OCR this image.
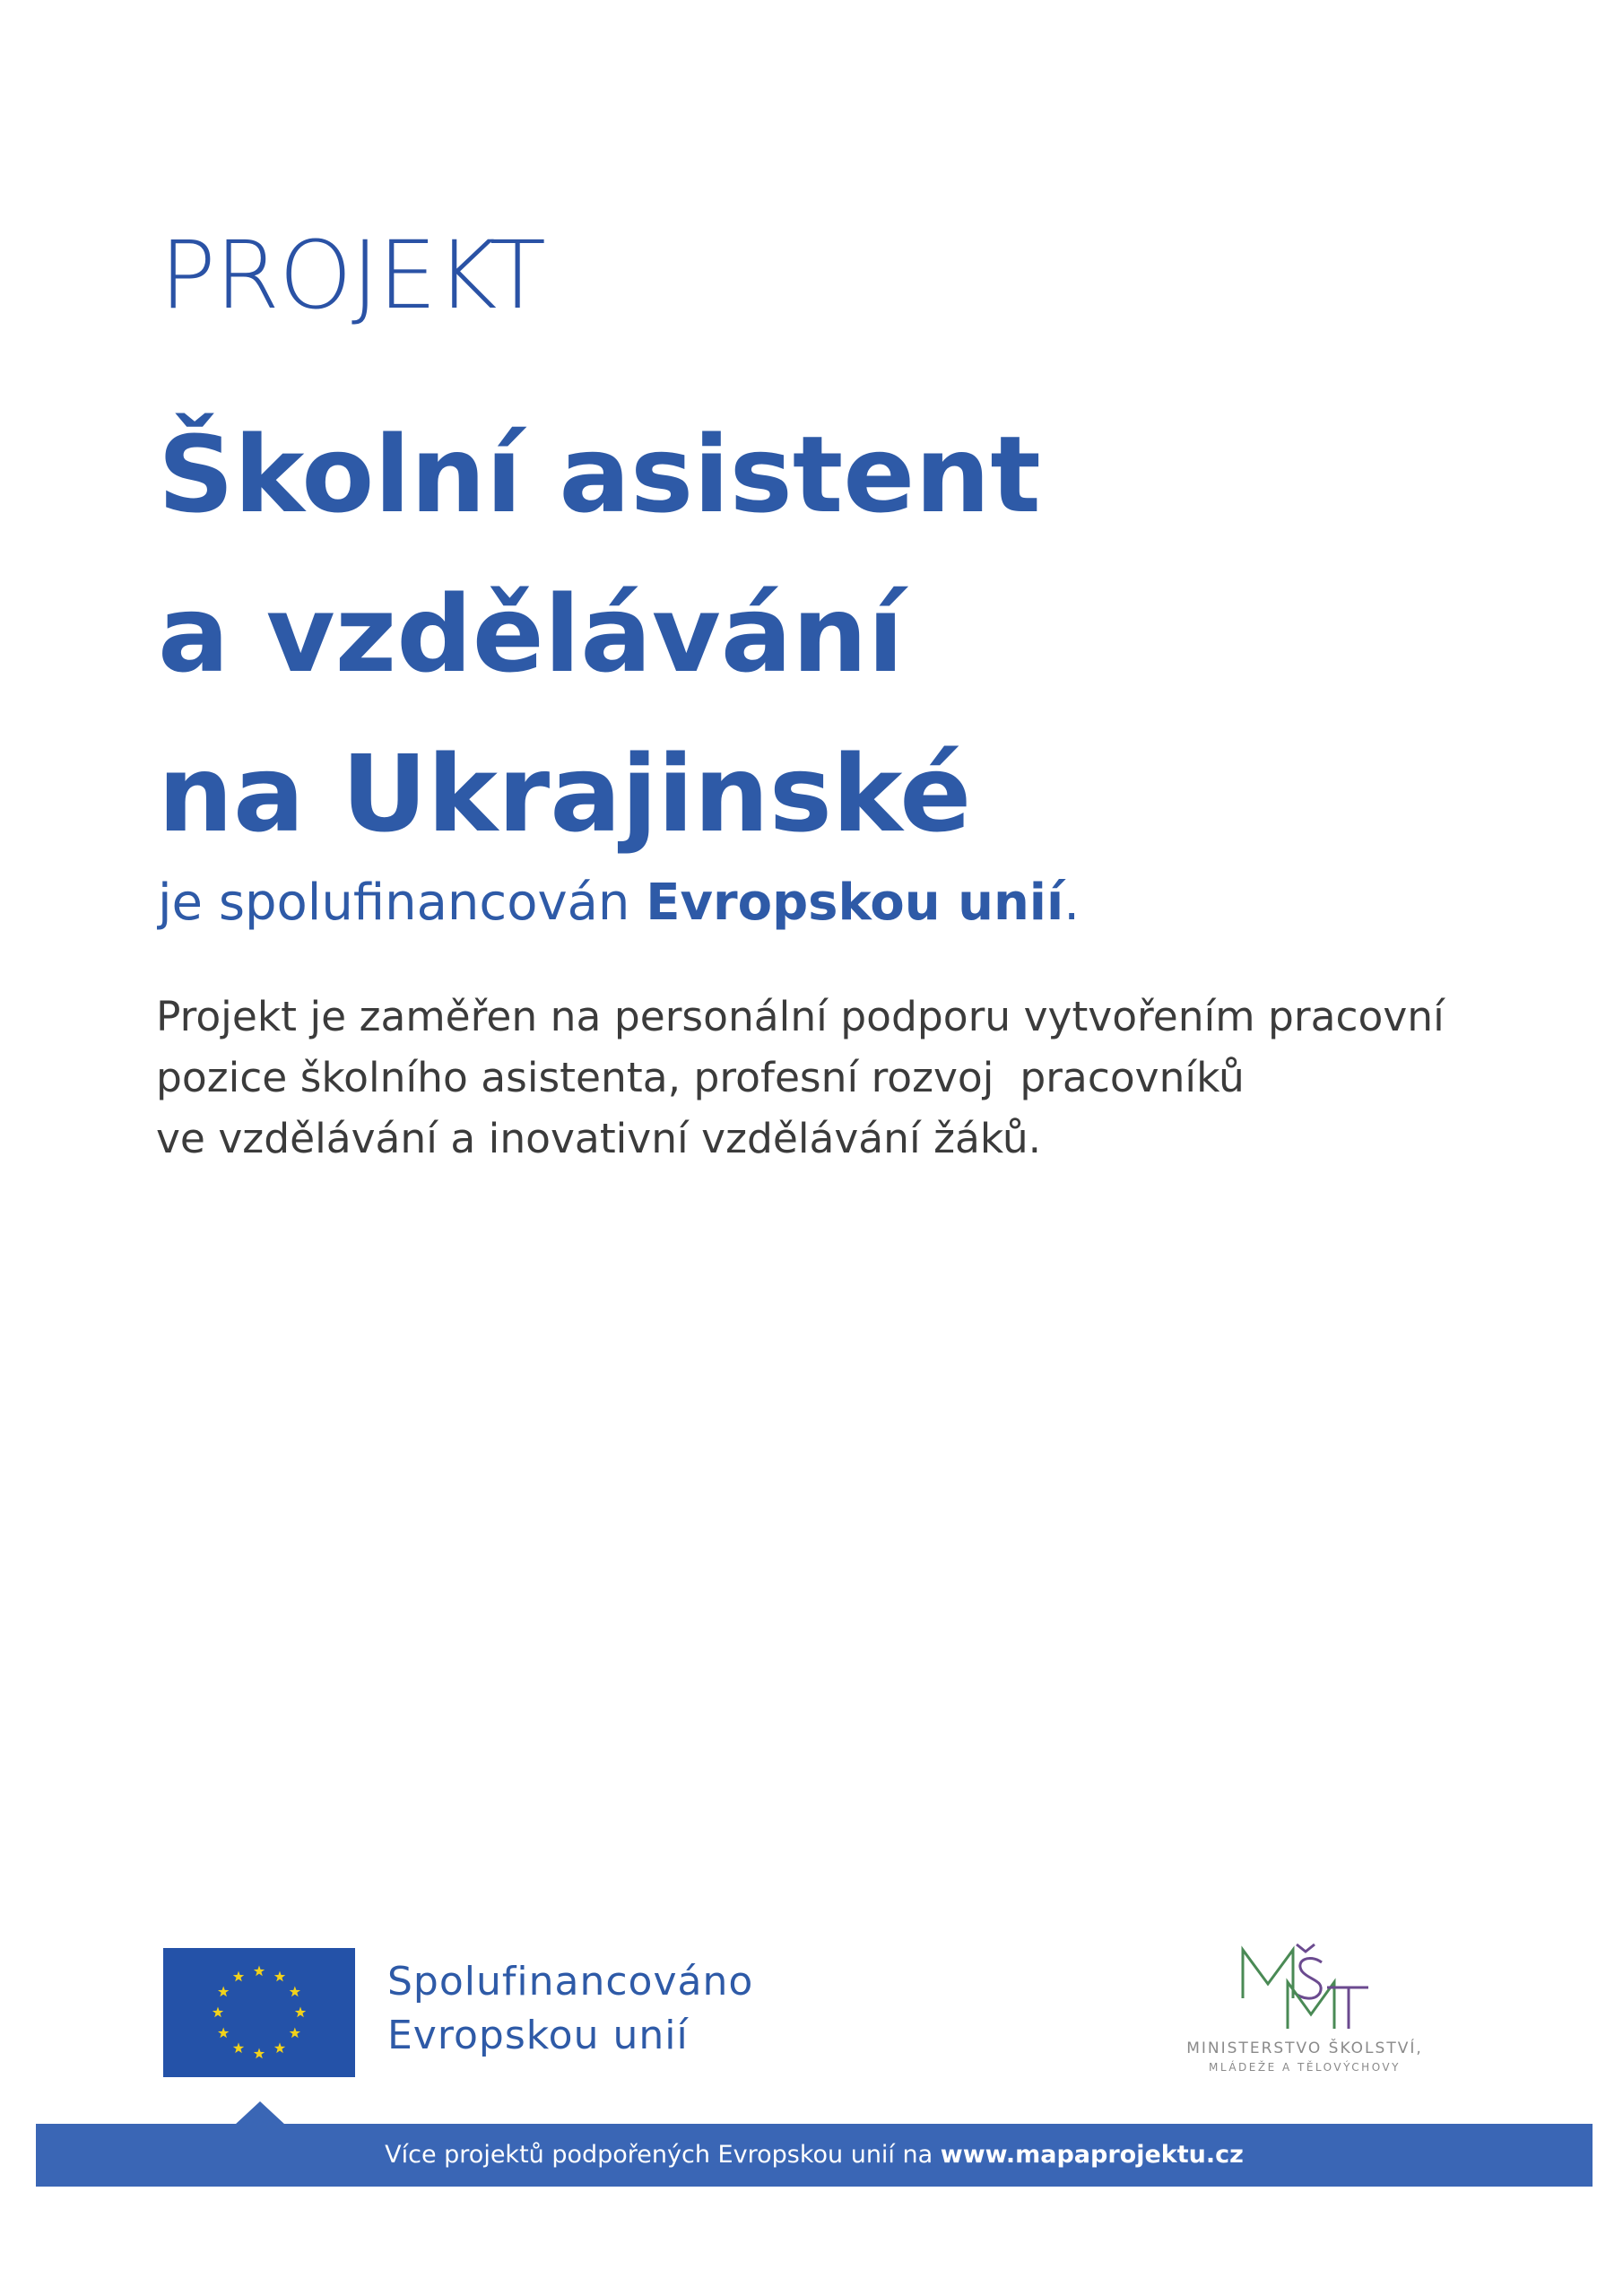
PROJEKT
Školní asistent
a vzdělávání
na Ukrajinské

je spolufinancován Evropskou unií.

Projekt je zaměřen na personální podporu vytvořením pracovní
pozice školního asistenta, profesní rozvoj  pracovníků
ve vzdělávání a inovativní vzdělávání žáků.
Spolufinancováno
Evropskou unií	MINISTERSTVO ŠKOLSTVÍ,
MLÁDEŽE A TĚLOVÝCHOVY
Více projektů podpořených Evropskou unií na www.mapaprojektu.cz
